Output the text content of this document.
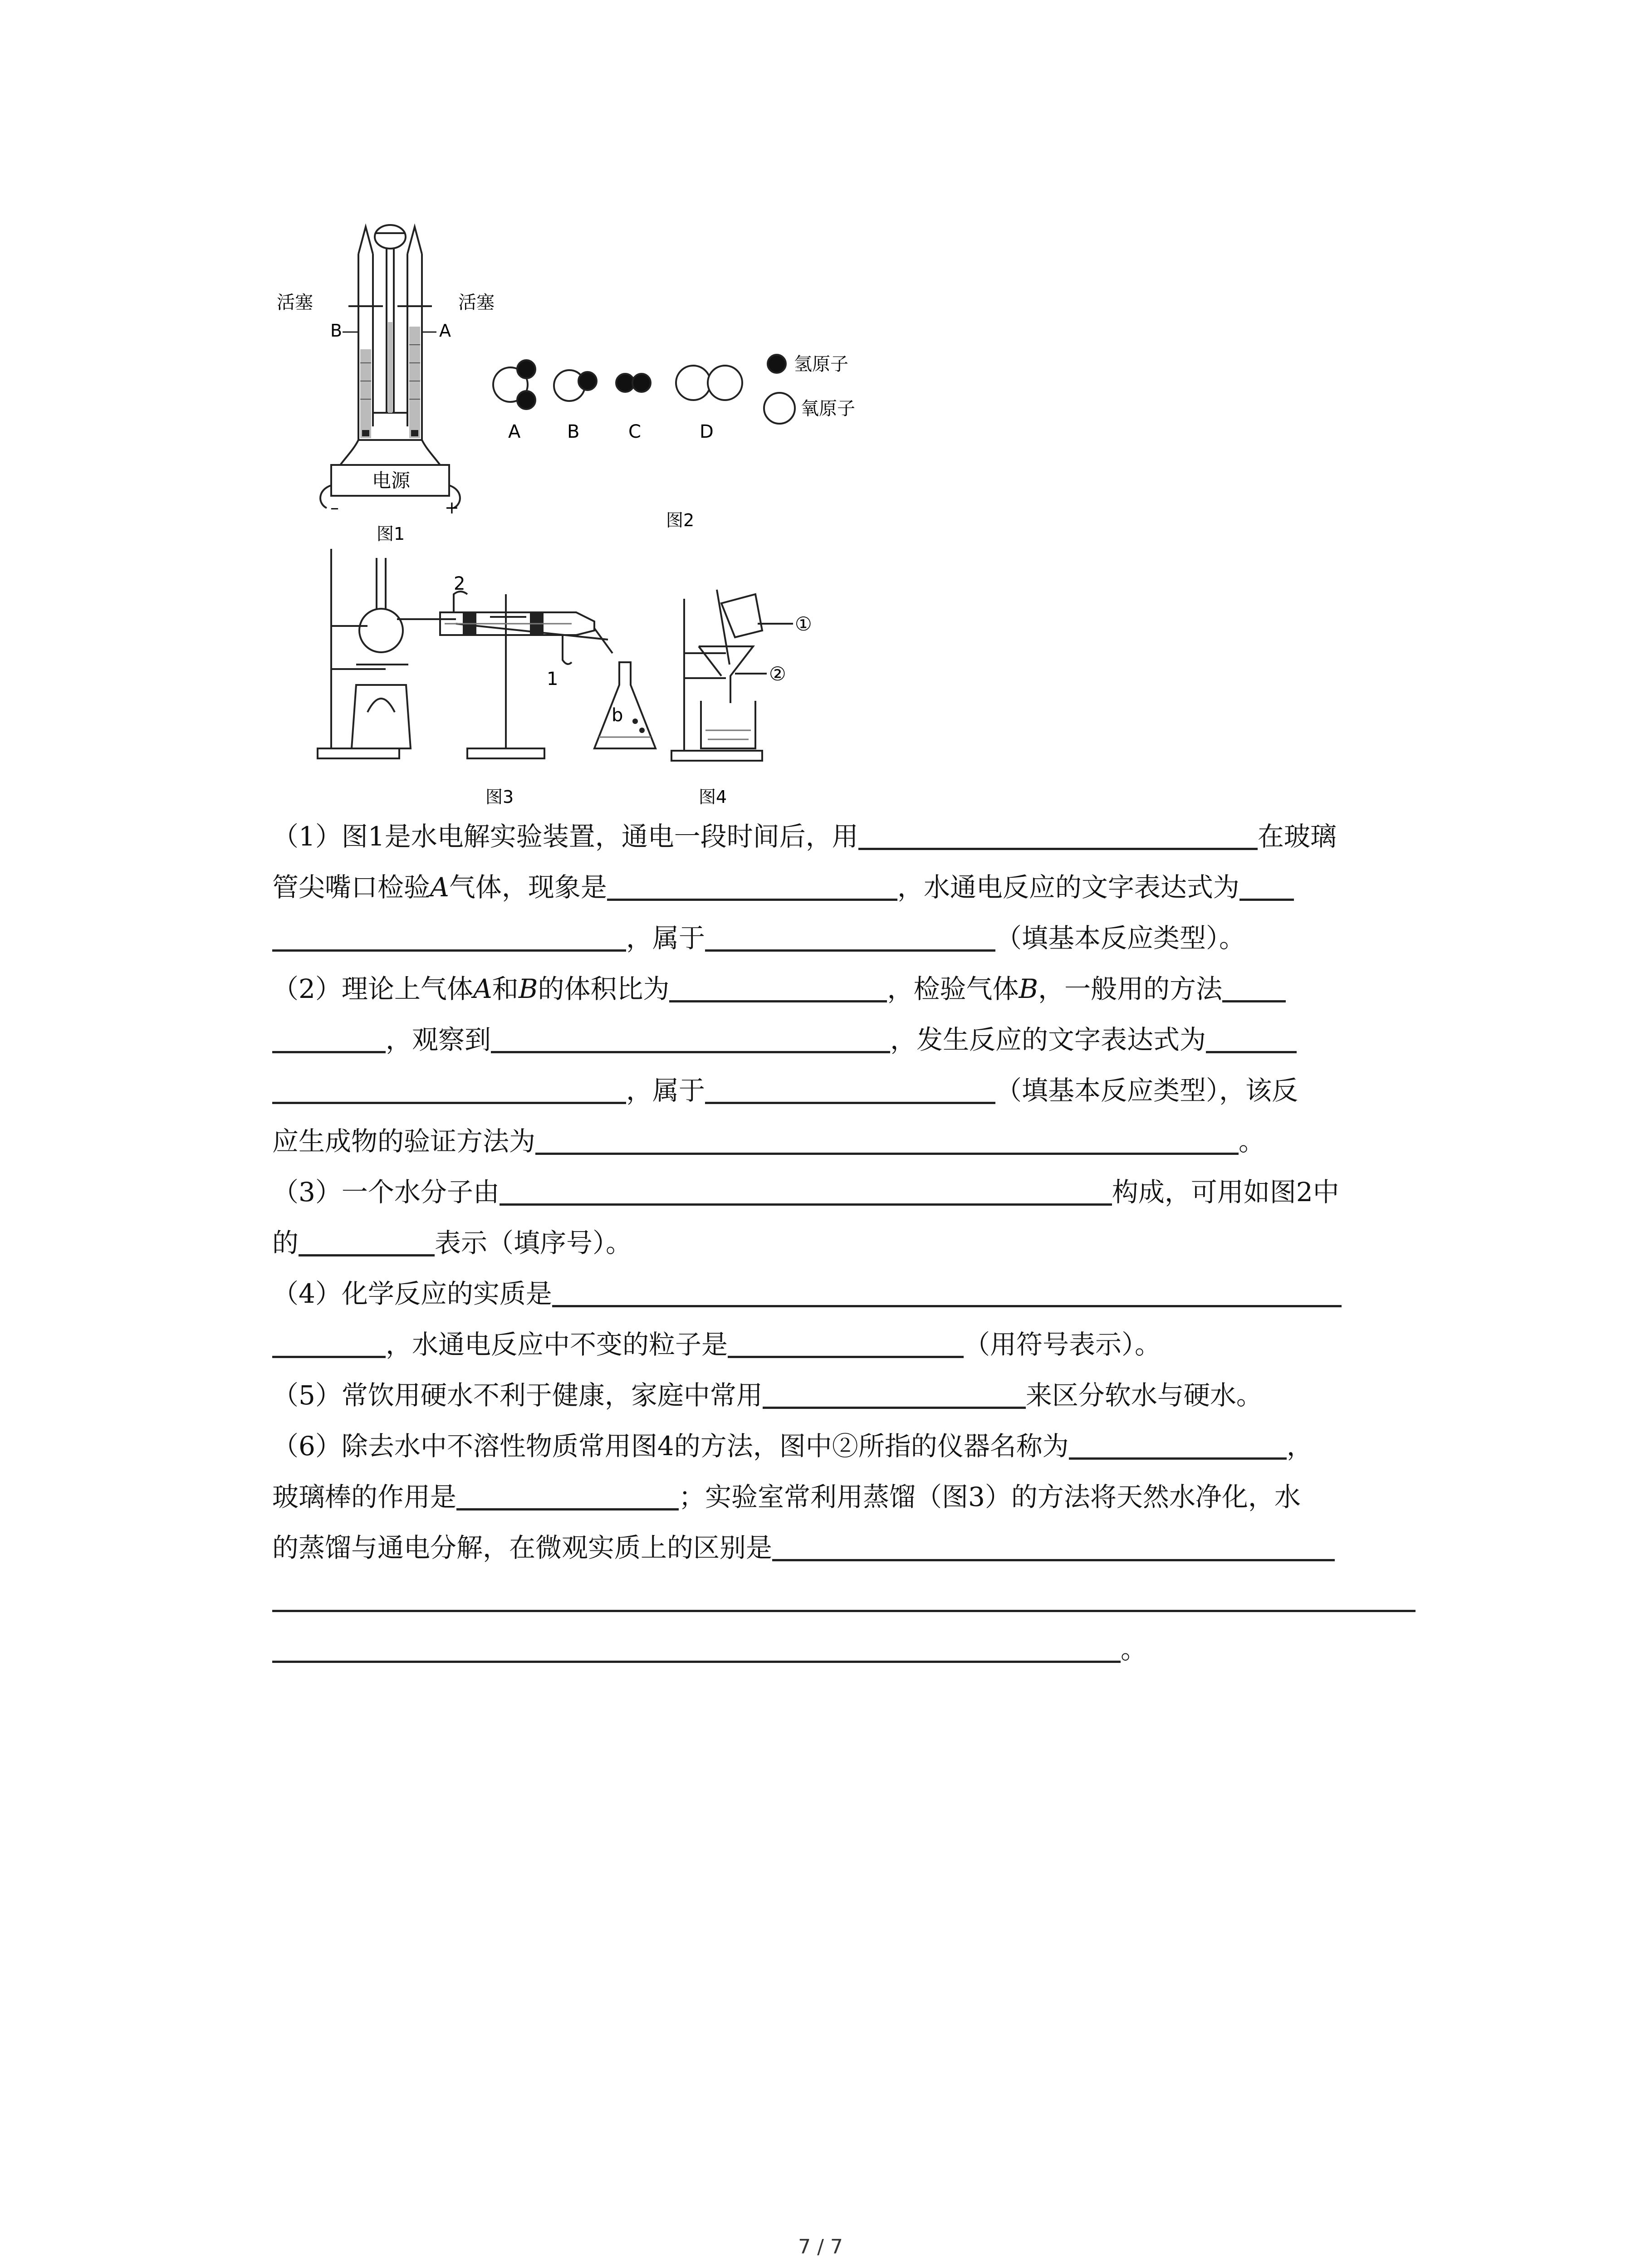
活塞	活塞
B	A
电源
–	+
图1
A	B	C	D
氢原子
氧原子
图2
2
1
b
图3
①
②
图4
（1）图1是水电解实验装置，通电一段时间后，用	在玻璃
管尖嘴口检验A气体，现象是	，水通电反应的文字表达式为
，属于	（填基本反应类型）。
（2）理论上气体A和B的体积比为	，检验气体B，一般用的方法
，观察到	，发生反应的文字表达式为
，属于	（填基本反应类型），该反
应生成物的验证方法为	。
（3）一个水分子由	构成，可用如图2中
的	表示（填序号）。
（4）化学反应的实质是
，水通电反应中不变的粒子是	（用符号表示）。
（5）常饮用硬水不利于健康，家庭中常用	来区分软水与硬水。
（6）除去水中不溶性物质常用图4的方法，图中②所指的仪器名称为	，
玻璃棒的作用是	；实验室常利用蒸馏（图3）的方法将天然水净化，水
的蒸馏与通电分解，在微观实质上的区别是
。
7 / 7
